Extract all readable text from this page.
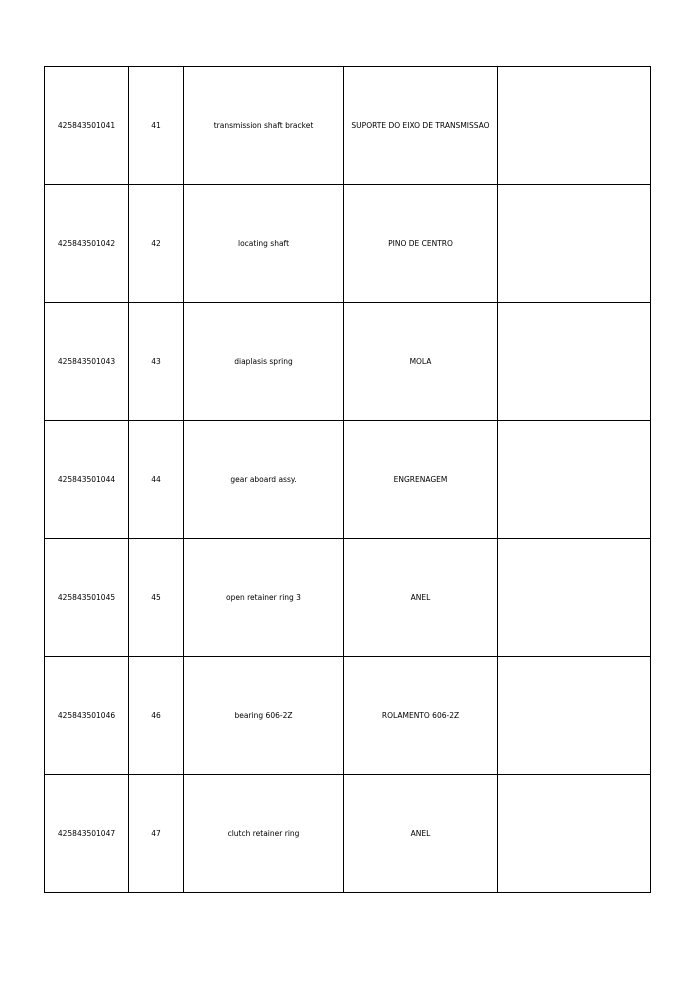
425843501041	41	transmission shaft bracket	SUPORTE DO EIXO DE TRANSMISSAO	
425843501042	42	locating shaft	PINO DE CENTRO	
425843501043	43	diaplasis spring	MOLA	
425843501044	44	gear aboard assy.	ENGRENAGEM	
425843501045	45	open retainer ring 3	ANEL	
425843501046	46	bearing 606-2Z	ROLAMENTO 606-2Z	
425843501047	47	clutch retainer ring	ANEL	
